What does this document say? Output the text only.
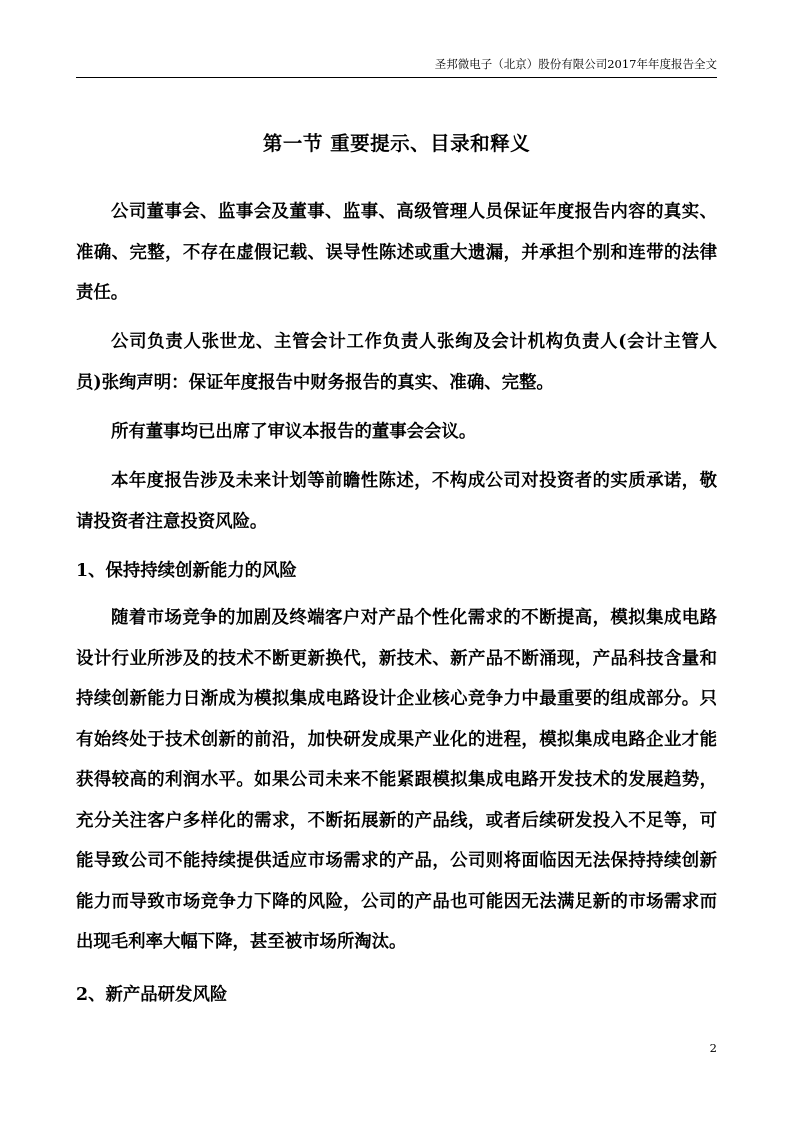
圣邦微电子（北京）股份有限公司2017年年度报告全文
第一节 重要提示、目录和释义

公司董事会、监事会及董事、监事、高级管理人员保证年度报告内容的真实、准确、完整，不存在虚假记载、误导性陈述或重大遗漏，并承担个别和连带的法律责任。

公司负责人张世龙、主管会计工作负责人张绚及会计机构负责人(会计主管人员)张绚声明：保证年度报告中财务报告的真实、准确、完整。

所有董事均已出席了审议本报告的董事会会议。

本年度报告涉及未来计划等前瞻性陈述，不构成公司对投资者的实质承诺，敬请投资者注意投资风险。

1、保持持续创新能力的风险

随着市场竞争的加剧及终端客户对产品个性化需求的不断提高，模拟集成电路设计行业所涉及的技术不断更新换代，新技术、新产品不断涌现，产品科技含量和持续创新能力日渐成为模拟集成电路设计企业核心竞争力中最重要的组成部分。只有始终处于技术创新的前沿，加快研发成果产业化的进程，模拟集成电路企业才能获得较高的利润水平。如果公司未来不能紧跟模拟集成电路开发技术的发展趋势，充分关注客户多样化的需求，不断拓展新的产品线，或者后续研发投入不足等，可能导致公司不能持续提供适应市场需求的产品，公司则将面临因无法保持持续创新能力而导致市场竞争力下降的风险，公司的产品也可能因无法满足新的市场需求而出现毛利率大幅下降，甚至被市场所淘汰。

2、新产品研发风险
2
